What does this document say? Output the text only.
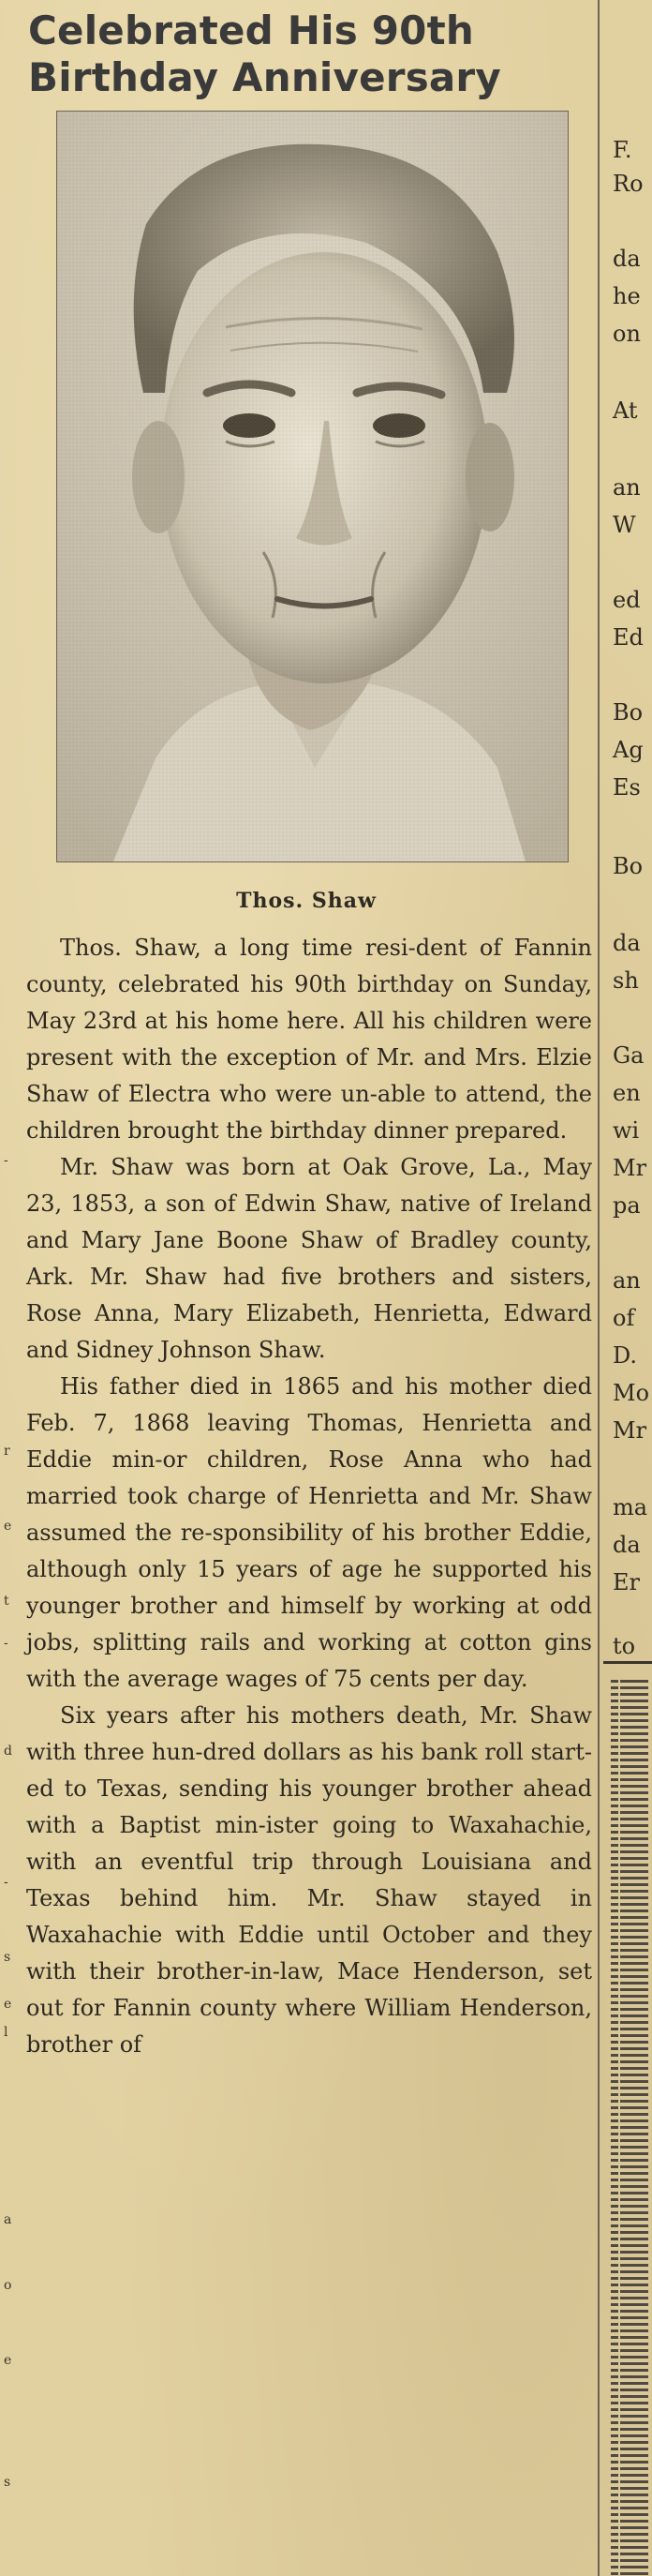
-
r
e
t
-
d
-
s
e
l
a
o
e
s
Celebrated His 90th Birthday Anniversary
Thos. Shaw

Thos. Shaw, a long time resi-dent of Fannin county, celebrated his 90th birthday on Sunday, May 23rd at his home here. All his children were present with the exception of Mr. and Mrs. Elzie Shaw of Electra who were un-able to attend, the children brought the birthday dinner prepared.

Mr. Shaw was born at Oak Grove, La., May 23, 1853, a son of Edwin Shaw, native of Ireland and Mary Jane Boone Shaw of Bradley county, Ark. Mr. Shaw had five brothers and sisters, Rose Anna, Mary Elizabeth, Henrietta, Edward and Sidney Johnson Shaw.

His father died in 1865 and his mother died Feb. 7, 1868 leaving Thomas, Henrietta and Eddie min-or children, Rose Anna who had married took charge of Henrietta and Mr. Shaw assumed the re-sponsibility of his brother Eddie, although only 15 years of age he supported his younger brother and himself by working at odd jobs, splitting rails and working at cotton gins with the average wages of 75 cents per day.

Six years after his mothers death, Mr. Shaw with three hun-dred dollars as his bank roll start-ed to Texas, sending his younger brother ahead with a Baptist min-ister going to Waxahachie, with an eventful trip through Louisiana and Texas behind him. Mr. Shaw stayed in Waxahachie with Eddie until October and they with their brother-in-law, Mace Henderson, set out for Fannin county where William Henderson, brother of

F.
Ro
da
he
on
At
an
W
ed
Ed
Bo
Ag
Es
Bo
da
sh
Ga
en
wi
Mr
pa
an
of
D.
Mo
Mr
ma
da
Er
to
